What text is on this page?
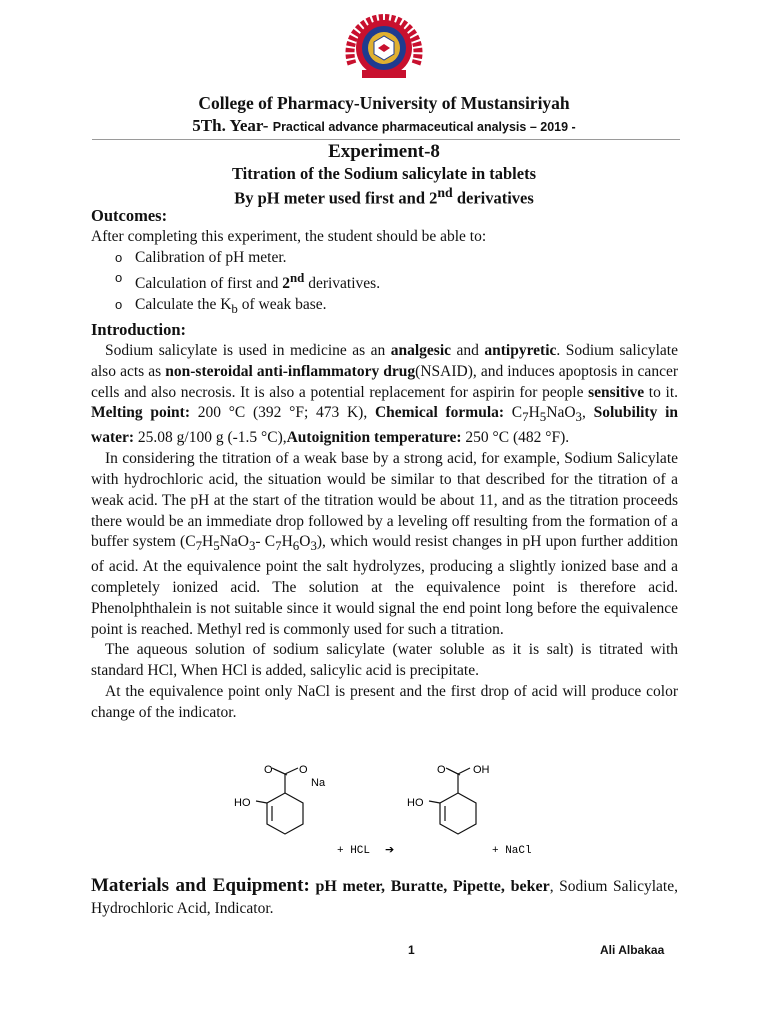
College of Pharmacy-University of Mustansiriyah
5Th. Year- Practical advance pharmaceutical analysis – 2019 -
Experiment-8
Titration of the Sodium salicylate in tablets
By pH meter used first and 2nd derivatives
Outcomes:
After completing this experiment, the student should be able to:
o Calibration of pH meter.
o Calculation of first and 2nd derivatives.
o Calculate the $K_b$ of weak base.
Introduction:

Sodium salicylate is used in medicine as an analgesic and antipyretic. Sodium salicylate also acts as non-steroidal anti-inflammatory drug(NSAID), and induces apoptosis in cancer cells and also necrosis. It is also a potential replacement for aspirin for people sensitive to it. Melting point: 200 °C (392 °F; 473 K), Chemical formula: $C_7H_5NaO_3$, Solubility in water: 25.08 g/100 g (-1.5 °C),Autoignition temperature: 250 °C (482 °F).

In considering the titration of a weak base by a strong acid, for example, Sodium Salicylate with hydrochloric acid, the situation would be similar to that described for the titration of a weak acid. The pH at the start of the titration would be about 11, and as the titration proceeds there would be an immediate drop followed by a leveling off resulting from the formation of a buffer system ($C_7H_5NaO_3-$ $C_7H_6O_3$), which would resist changes in pH upon further addition of acid. At the equivalence point the salt hydrolyzes, producing a slightly ionized base and a completely ionized acid. The solution at the equivalence point is therefore acid. Phenolphthalein is not suitable since it would signal the end point long before the equivalence point is reached. Methyl red is commonly used for such a titration.

The aqueous solution of sodium salicylate (water soluble as it is salt) is titrated with standard HCl, When HCl is added, salicylic acid is precipitate.

At the equivalence point only NaCl is present and the first drop of acid will produce color change of the indicator.

O O
Na
HO
O OH
HO
+ HCL ➔	+ NaCl
Materials and Equipment: pH meter, Buratte, Pipette, beker, Sodium Salicylate, Hydrochloric Acid, Indicator.
1	Ali Albakaa
